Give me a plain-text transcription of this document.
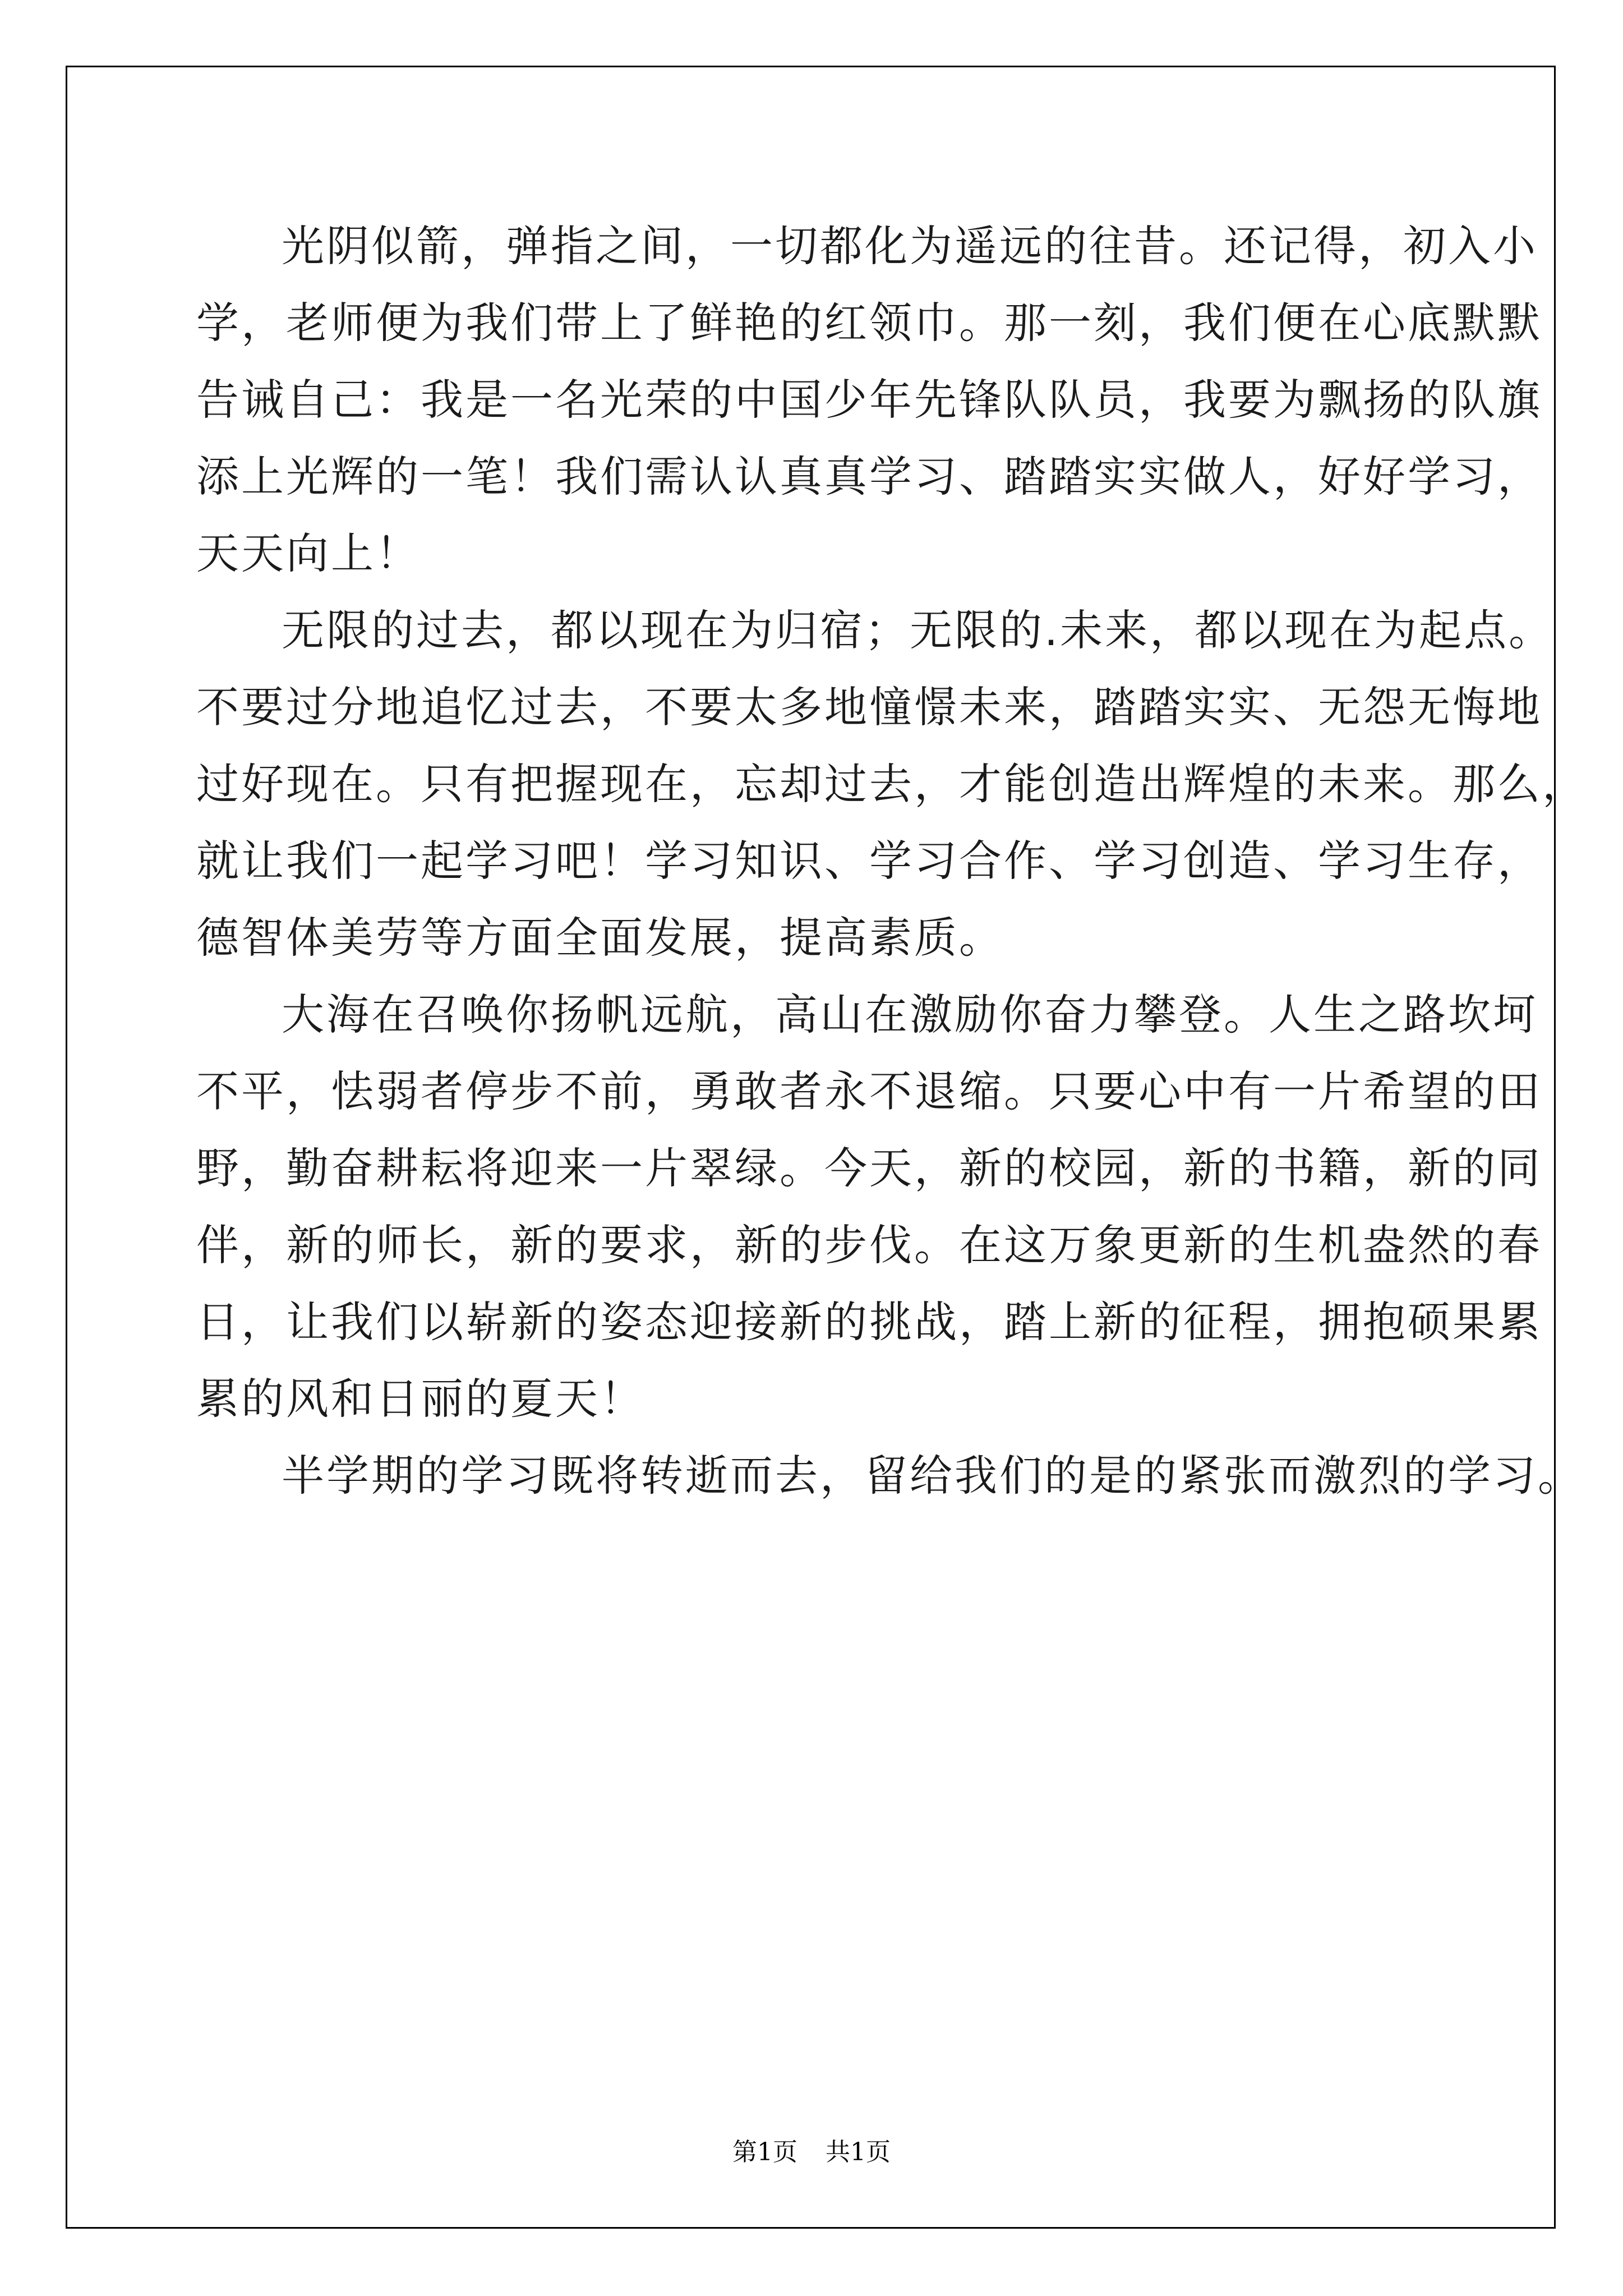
光阴似箭，弹指之间，一切都化为遥远的往昔。还记得，初入小
学，老师便为我们带上了鲜艳的红领巾。那一刻，我们便在心底默默
告诫自己：我是一名光荣的中国少年先锋队队员，我要为飘扬的队旗
添上光辉的一笔！我们需认认真真学习、踏踏实实做人，好好学习，
天天向上！
无限的过去，都以现在为归宿；无限的.未来，都以现在为起点。
不要过分地追忆过去，不要太多地憧憬未来，踏踏实实、无怨无悔地
过好现在。只有把握现在，忘却过去，才能创造出辉煌的未来。那么，
就让我们一起学习吧！学习知识、学习合作、学习创造、学习生存，
德智体美劳等方面全面发展，提高素质。
大海在召唤你扬帆远航，高山在激励你奋力攀登。人生之路坎坷
不平，怯弱者停步不前，勇敢者永不退缩。只要心中有一片希望的田
野，勤奋耕耘将迎来一片翠绿。今天，新的校园，新的书籍，新的同
伴，新的师长，新的要求，新的步伐。在这万象更新的生机盎然的春
日，让我们以崭新的姿态迎接新的挑战，踏上新的征程，拥抱硕果累
累的风和日丽的夏天！
半学期的学习既将转逝而去，留给我们的是的紧张而激烈的学习。
第1页 共1页
